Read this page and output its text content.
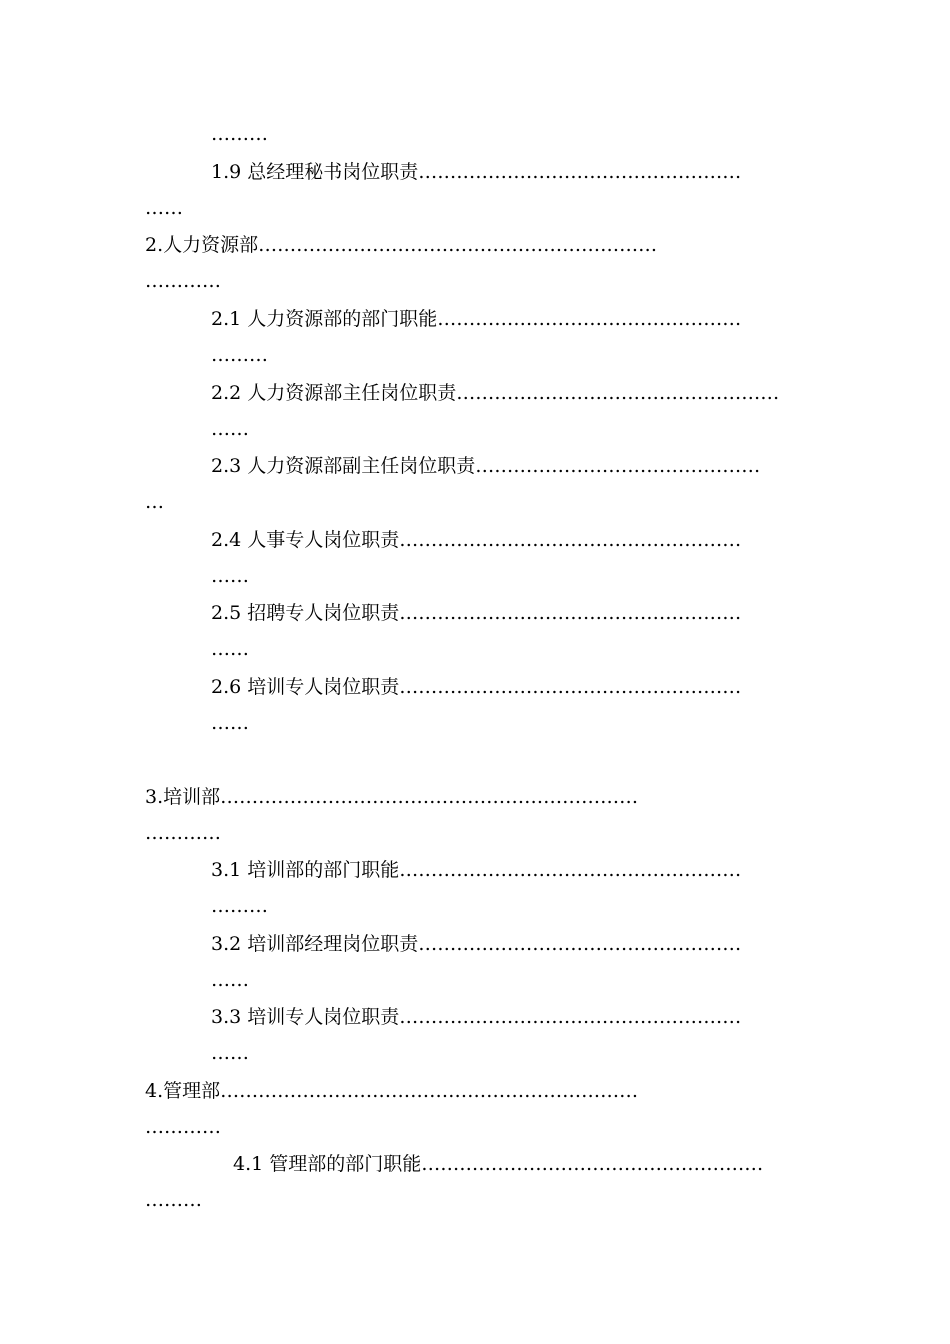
………
1.9 总经理秘书岗位职责……………………………………………
……
2.人力资源部………………………………………………………
…………
2.1 人力资源部的部门职能…………………………………………
………
2.2 人力资源部主任岗位职责……………………………………………
……
2.3 人力资源部副主任岗位职责………………………………………
…
2.4 人事专人岗位职责………………………………………………
……
2.5 招聘专人岗位职责………………………………………………
……
2.6 培训专人岗位职责………………………………………………
……
3.培训部…………………………………………………………
…………
3.1 培训部的部门职能………………………………………………
………
3.2 培训部经理岗位职责……………………………………………
……
3.3 培训专人岗位职责………………………………………………
……
4.管理部…………………………………………………………
…………
4.1 管理部的部门职能………………………………………………
………
